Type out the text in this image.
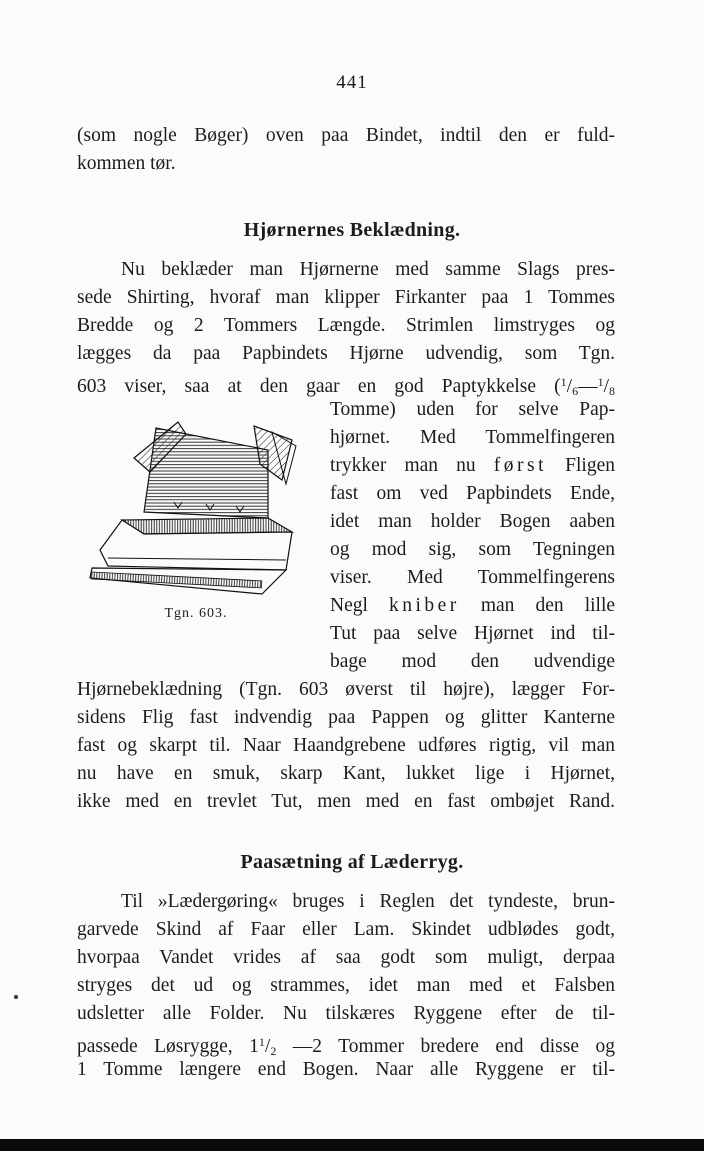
441
(som nogle Bøger) oven paa Bindet, indtil den er fuld-
kommen tør.
Hjørnernes Beklædning.
Nu beklæder man Hjørnerne med samme Slags pres-
sede Shirting, hvoraf man klipper Firkanter paa 1 Tommes
Bredde og 2 Tommers Længde. Strimlen limstryges og
lægges da paa Papbindets Hjørne udvendig, som Tgn.
603 viser, saa at den gaar en god Paptykkelse ($^1/_6—^1/_8$
Tomme) uden for selve Pap-
hjørnet. Med Tommelfingeren
trykker man nu først Fligen
fast om ved Papbindets Ende,
idet man holder Bogen aaben
og mod sig, som Tegningen
viser. Med Tommelfingerens
Negl kniber man den lille
Tut paa selve Hjørnet ind til-
bage mod den udvendige
Tgn. 603.
Hjørnebeklædning (Tgn. 603 øverst til højre), lægger For-
sidens Flig fast indvendig paa Pappen og glitter Kanterne
fast og skarpt til. Naar Haandgrebene udføres rigtig, vil man
nu have en smuk, skarp Kant, lukket lige i Hjørnet,
ikke med en trevlet Tut, men med en fast ombøjet Rand.
Paasætning af Læderryg.
Til »Lædergøring« bruges i Reglen det tyndeste, brun-
garvede Skind af Faar eller Lam. Skindet udblødes godt,
hvorpaa Vandet vrides af saa godt som muligt, derpaa
stryges det ud og strammes, idet man med et Falsben
udsletter alle Folder. Nu tilskæres Ryggene efter de til-
passede Løsrygge, $1^1/_2$ —2 Tommer bredere end disse og
1 Tomme længere end Bogen. Naar alle Ryggene er til-
